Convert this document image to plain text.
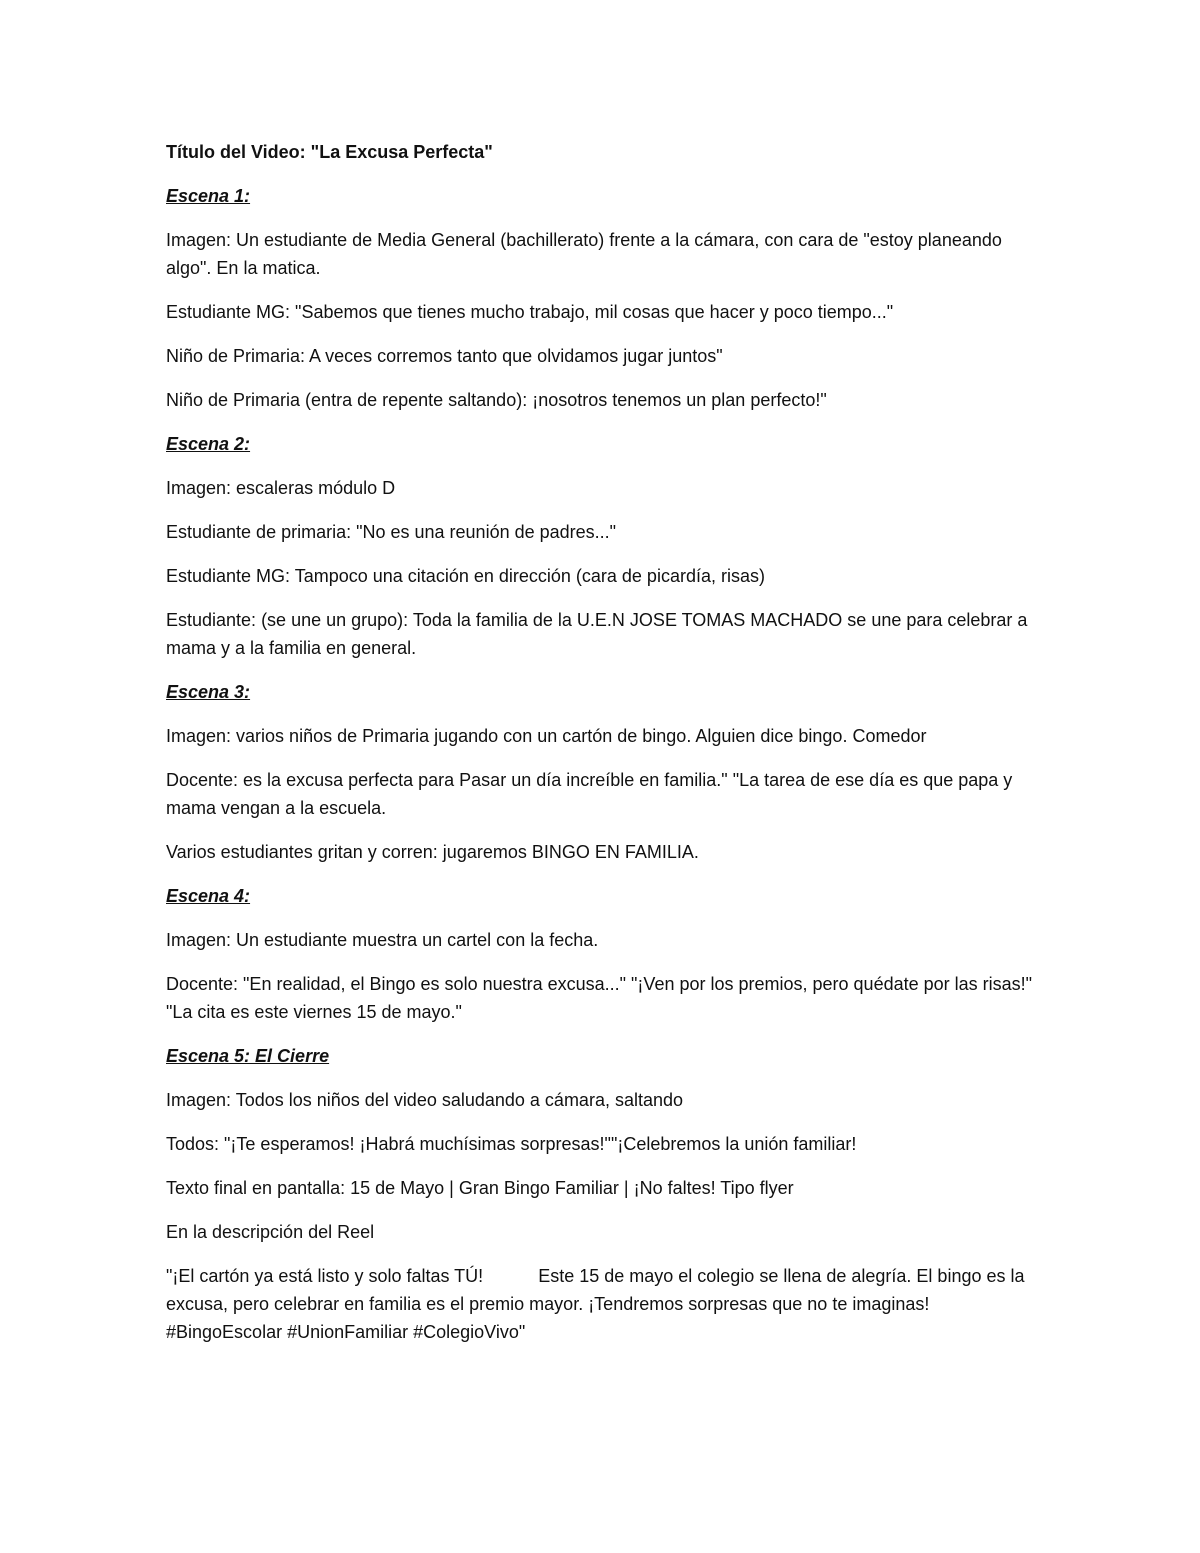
Título del Video: "La Excusa Perfecta"

Escena 1:

Imagen: Un estudiante de Media General (bachillerato) frente a la cámara, con cara de "estoy planeando algo". En la matica.

Estudiante MG: "Sabemos que tienes mucho trabajo, mil cosas que hacer y poco tiempo..."

Niño de Primaria: A veces corremos tanto que olvidamos jugar juntos"

Niño de Primaria (entra de repente saltando): ¡nosotros tenemos un plan perfecto!"

Escena 2:

Imagen: escaleras módulo D

Estudiante de primaria: "No es una reunión de padres..."

Estudiante MG: Tampoco una citación en dirección (cara de picardía, risas)

Estudiante: (se une un grupo): Toda la familia de la U.E.N JOSE TOMAS MACHADO se une para celebrar a mama y a la familia en general.

Escena 3:

Imagen: varios niños de Primaria jugando con un cartón de bingo. Alguien dice bingo. Comedor

Docente: es la excusa perfecta para Pasar un día increíble en familia." "La tarea de ese día es que papa y mama vengan a la escuela.

Varios estudiantes gritan y corren: jugaremos BINGO EN FAMILIA.

Escena 4:

Imagen: Un estudiante muestra un cartel con la fecha.

Docente: "En realidad, el Bingo es solo nuestra excusa..." "¡Ven por los premios, pero quédate por las risas!" "La cita es este viernes 15 de mayo."

Escena 5: El Cierre

Imagen: Todos los niños del video saludando a cámara, saltando

Todos: "¡Te esperamos! ¡Habrá muchísimas sorpresas!""¡Celebremos la unión familiar!

Texto final en pantalla: 15 de Mayo | Gran Bingo Familiar | ¡No faltes! Tipo flyer

En la descripción del Reel

"¡El cartón ya está listo y solo faltas TÚ!           Este 15 de mayo el colegio se llena de alegría. El bingo es la excusa, pero celebrar en familia es el premio mayor. ¡Tendremos sorpresas que no te imaginas!           #BingoEscolar #UnionFamiliar #ColegioVivo"
